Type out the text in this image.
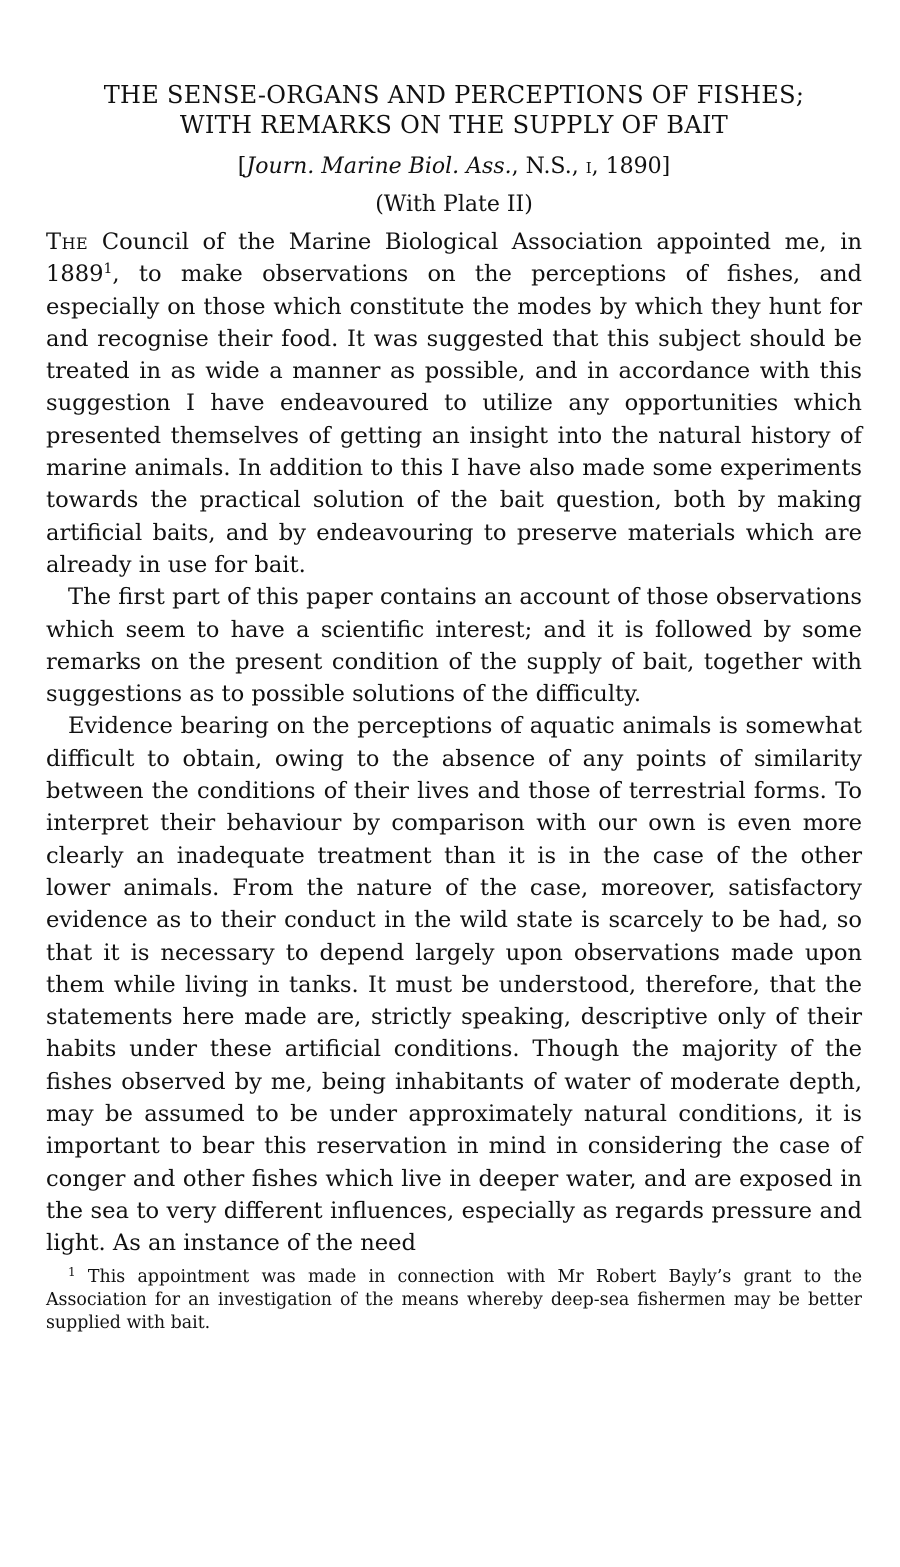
THE SENSE-ORGANS AND PERCEPTIONS OF FISHES;
WITH REMARKS ON THE SUPPLY OF BAIT
[Journ. Marine Biol. Ass., N.S., i, 1890]
(With Plate II)

The Council of the Marine Biological Association appointed me, in 1889$^1$, to make observations on the perceptions of fishes, and especially on those which constitute the modes by which they hunt for and recognise their food. It was suggested that this subject should be treated in as wide a manner as possible, and in accordance with this suggestion I have endeavoured to utilize any opportunities which presented themselves of getting an insight into the natural history of marine animals. In addition to this I have also made some experiments towards the practical solution of the bait question, both by making artificial baits, and by endeavouring to preserve materials which are already in use for bait.

The first part of this paper contains an account of those observations which seem to have a scientific interest; and it is followed by some remarks on the present condition of the supply of bait, together with suggestions as to possible solutions of the difficulty.

Evidence bearing on the perceptions of aquatic animals is somewhat difficult to obtain, owing to the absence of any points of similarity between the conditions of their lives and those of terrestrial forms. To interpret their behaviour by comparison with our own is even more clearly an inadequate treatment than it is in the case of the other lower animals. From the nature of the case, moreover, satisfactory evidence as to their conduct in the wild state is scarcely to be had, so that it is necessary to depend largely upon observations made upon them while living in tanks. It must be understood, therefore, that the statements here made are, strictly speaking, descriptive only of their habits under these artificial conditions. Though the majority of the fishes observed by me, being inhabitants of water of moderate depth, may be assumed to be under approximately natural conditions, it is important to bear this reservation in mind in considering the case of conger and other fishes which live in deeper water, and are exposed in the sea to very different influences, especially as regards pressure and light. As an instance of the need

$^1$ This appointment was made in connection with Mr Robert Bayly’s grant to the Association for an investigation of the means whereby deep-sea fishermen may be better supplied with bait.
